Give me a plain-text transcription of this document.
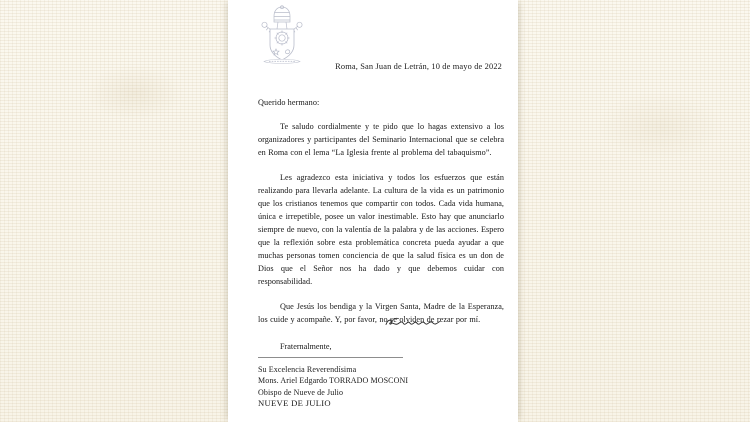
Roma, San Juan de Letrán, 10 de mayo de 2022

Querido hermano:

Te saludo cordialmente y te pido que lo hagas extensivo a los organizadores y participantes del Seminario Internacional que se celebra en Roma con el lema “La Iglesia frente al problema del tabaquismo”.

Les agradezco esta iniciativa y todos los esfuerzos que están realizando para llevarla adelante. La cultura de la vida es un patrimonio que los cristianos tenemos que compartir con todos. Cada vida humana, única e irrepetible, posee un valor inestimable. Esto hay que anunciarlo siempre de nuevo, con la valentía de la palabra y de las acciones. Espero que la reflexión sobre esta problemática concreta pueda ayudar a que muchas personas tomen conciencia de que la salud física es un don de Dios que el Señor nos ha dado y que debemos cuidar con responsabilidad.

Que Jesús los bendiga y la Virgen Santa, Madre de la Esperanza, los cuide y acompañe. Y, por favor, no se olviden de rezar por mí.

Fraternalmente,

Su Excelencia Reverendísima
Mons. Ariel Edgardo TORRADO MOSCONI
Obispo de Nueve de Julio
NUEVE DE JULIO
